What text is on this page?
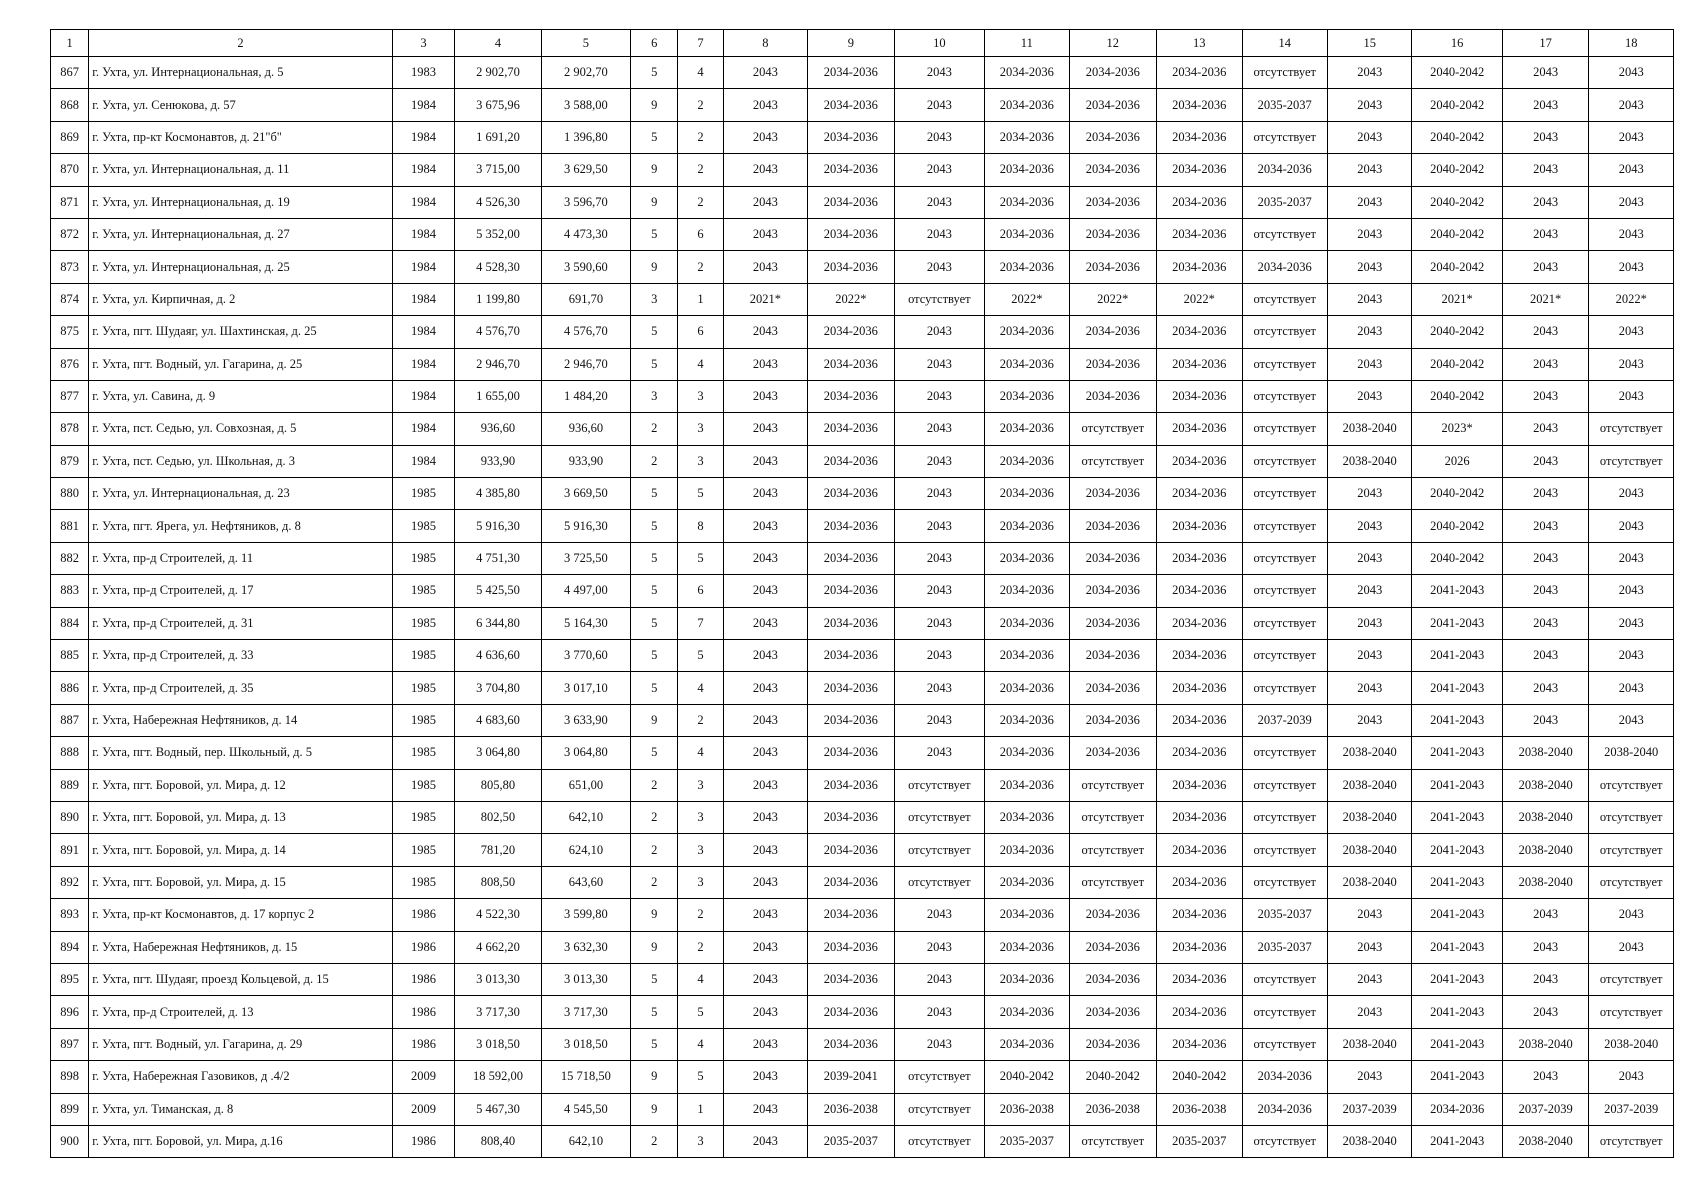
1	2	3	4	5	6	7	8	9	10	11	12	13	14	15	16	17	18
867	г. Ухта, ул. Интернациональная, д. 5	1983	2 902,70	2 902,70	5	4	2043	2034-2036	2043	2034-2036	2034-2036	2034-2036	отсутствует	2043	2040-2042	2043	2043
868	г. Ухта, ул. Сенюкова, д. 57	1984	3 675,96	3 588,00	9	2	2043	2034-2036	2043	2034-2036	2034-2036	2034-2036	2035-2037	2043	2040-2042	2043	2043
869	г. Ухта, пр-кт Космонавтов, д. 21"б"	1984	1 691,20	1 396,80	5	2	2043	2034-2036	2043	2034-2036	2034-2036	2034-2036	отсутствует	2043	2040-2042	2043	2043
870	г. Ухта, ул. Интернациональная, д. 11	1984	3 715,00	3 629,50	9	2	2043	2034-2036	2043	2034-2036	2034-2036	2034-2036	2034-2036	2043	2040-2042	2043	2043
871	г. Ухта, ул. Интернациональная, д. 19	1984	4 526,30	3 596,70	9	2	2043	2034-2036	2043	2034-2036	2034-2036	2034-2036	2035-2037	2043	2040-2042	2043	2043
872	г. Ухта, ул. Интернациональная, д. 27	1984	5 352,00	4 473,30	5	6	2043	2034-2036	2043	2034-2036	2034-2036	2034-2036	отсутствует	2043	2040-2042	2043	2043
873	г. Ухта, ул. Интернациональная, д. 25	1984	4 528,30	3 590,60	9	2	2043	2034-2036	2043	2034-2036	2034-2036	2034-2036	2034-2036	2043	2040-2042	2043	2043
874	г. Ухта, ул. Кирпичная, д. 2	1984	1 199,80	691,70	3	1	2021*	2022*	отсутствует	2022*	2022*	2022*	отсутствует	2043	2021*	2021*	2022*
875	г. Ухта, пгт. Шудаяг, ул. Шахтинская, д. 25	1984	4 576,70	4 576,70	5	6	2043	2034-2036	2043	2034-2036	2034-2036	2034-2036	отсутствует	2043	2040-2042	2043	2043
876	г. Ухта, пгт. Водный, ул. Гагарина, д. 25	1984	2 946,70	2 946,70	5	4	2043	2034-2036	2043	2034-2036	2034-2036	2034-2036	отсутствует	2043	2040-2042	2043	2043
877	г. Ухта, ул. Савина, д. 9	1984	1 655,00	1 484,20	3	3	2043	2034-2036	2043	2034-2036	2034-2036	2034-2036	отсутствует	2043	2040-2042	2043	2043
878	г. Ухта, пст. Седью, ул. Совхозная, д. 5	1984	936,60	936,60	2	3	2043	2034-2036	2043	2034-2036	отсутствует	2034-2036	отсутствует	2038-2040	2023*	2043	отсутствует
879	г. Ухта, пст. Седью, ул. Школьная, д. 3	1984	933,90	933,90	2	3	2043	2034-2036	2043	2034-2036	отсутствует	2034-2036	отсутствует	2038-2040	2026	2043	отсутствует
880	г. Ухта, ул. Интернациональная, д. 23	1985	4 385,80	3 669,50	5	5	2043	2034-2036	2043	2034-2036	2034-2036	2034-2036	отсутствует	2043	2040-2042	2043	2043
881	г. Ухта, пгт. Ярега, ул. Нефтяников, д. 8	1985	5 916,30	5 916,30	5	8	2043	2034-2036	2043	2034-2036	2034-2036	2034-2036	отсутствует	2043	2040-2042	2043	2043
882	г. Ухта, пр-д Строителей, д. 11	1985	4 751,30	3 725,50	5	5	2043	2034-2036	2043	2034-2036	2034-2036	2034-2036	отсутствует	2043	2040-2042	2043	2043
883	г. Ухта, пр-д Строителей, д. 17	1985	5 425,50	4 497,00	5	6	2043	2034-2036	2043	2034-2036	2034-2036	2034-2036	отсутствует	2043	2041-2043	2043	2043
884	г. Ухта, пр-д Строителей, д. 31	1985	6 344,80	5 164,30	5	7	2043	2034-2036	2043	2034-2036	2034-2036	2034-2036	отсутствует	2043	2041-2043	2043	2043
885	г. Ухта, пр-д Строителей, д. 33	1985	4 636,60	3 770,60	5	5	2043	2034-2036	2043	2034-2036	2034-2036	2034-2036	отсутствует	2043	2041-2043	2043	2043
886	г. Ухта, пр-д Строителей, д. 35	1985	3 704,80	3 017,10	5	4	2043	2034-2036	2043	2034-2036	2034-2036	2034-2036	отсутствует	2043	2041-2043	2043	2043
887	г. Ухта, Набережная Нефтяников, д. 14	1985	4 683,60	3 633,90	9	2	2043	2034-2036	2043	2034-2036	2034-2036	2034-2036	2037-2039	2043	2041-2043	2043	2043
888	г. Ухта, пгт. Водный, пер. Школьный, д. 5	1985	3 064,80	3 064,80	5	4	2043	2034-2036	2043	2034-2036	2034-2036	2034-2036	отсутствует	2038-2040	2041-2043	2038-2040	2038-2040
889	г. Ухта, пгт. Боровой, ул. Мира, д. 12	1985	805,80	651,00	2	3	2043	2034-2036	отсутствует	2034-2036	отсутствует	2034-2036	отсутствует	2038-2040	2041-2043	2038-2040	отсутствует
890	г. Ухта, пгт. Боровой, ул. Мира, д. 13	1985	802,50	642,10	2	3	2043	2034-2036	отсутствует	2034-2036	отсутствует	2034-2036	отсутствует	2038-2040	2041-2043	2038-2040	отсутствует
891	г. Ухта, пгт. Боровой, ул. Мира, д. 14	1985	781,20	624,10	2	3	2043	2034-2036	отсутствует	2034-2036	отсутствует	2034-2036	отсутствует	2038-2040	2041-2043	2038-2040	отсутствует
892	г. Ухта, пгт. Боровой, ул. Мира, д. 15	1985	808,50	643,60	2	3	2043	2034-2036	отсутствует	2034-2036	отсутствует	2034-2036	отсутствует	2038-2040	2041-2043	2038-2040	отсутствует
893	г. Ухта, пр-кт Космонавтов, д. 17 корпус 2	1986	4 522,30	3 599,80	9	2	2043	2034-2036	2043	2034-2036	2034-2036	2034-2036	2035-2037	2043	2041-2043	2043	2043
894	г. Ухта, Набережная Нефтяников, д. 15	1986	4 662,20	3 632,30	9	2	2043	2034-2036	2043	2034-2036	2034-2036	2034-2036	2035-2037	2043	2041-2043	2043	2043
895	г. Ухта, пгт. Шудаяг, проезд Кольцевой, д. 15	1986	3 013,30	3 013,30	5	4	2043	2034-2036	2043	2034-2036	2034-2036	2034-2036	отсутствует	2043	2041-2043	2043	отсутствует
896	г. Ухта, пр-д Строителей, д. 13	1986	3 717,30	3 717,30	5	5	2043	2034-2036	2043	2034-2036	2034-2036	2034-2036	отсутствует	2043	2041-2043	2043	отсутствует
897	г. Ухта, пгт. Водный, ул. Гагарина, д. 29	1986	3 018,50	3 018,50	5	4	2043	2034-2036	2043	2034-2036	2034-2036	2034-2036	отсутствует	2038-2040	2041-2043	2038-2040	2038-2040
898	г. Ухта, Набережная Газовиков, д .4/2	2009	18 592,00	15 718,50	9	5	2043	2039-2041	отсутствует	2040-2042	2040-2042	2040-2042	2034-2036	2043	2041-2043	2043	2043
899	г. Ухта, ул. Тиманская, д. 8	2009	5 467,30	4 545,50	9	1	2043	2036-2038	отсутствует	2036-2038	2036-2038	2036-2038	2034-2036	2037-2039	2034-2036	2037-2039	2037-2039
900	г. Ухта, пгт. Боровой, ул. Мира, д.16	1986	808,40	642,10	2	3	2043	2035-2037	отсутствует	2035-2037	отсутствует	2035-2037	отсутствует	2038-2040	2041-2043	2038-2040	отсутствует
